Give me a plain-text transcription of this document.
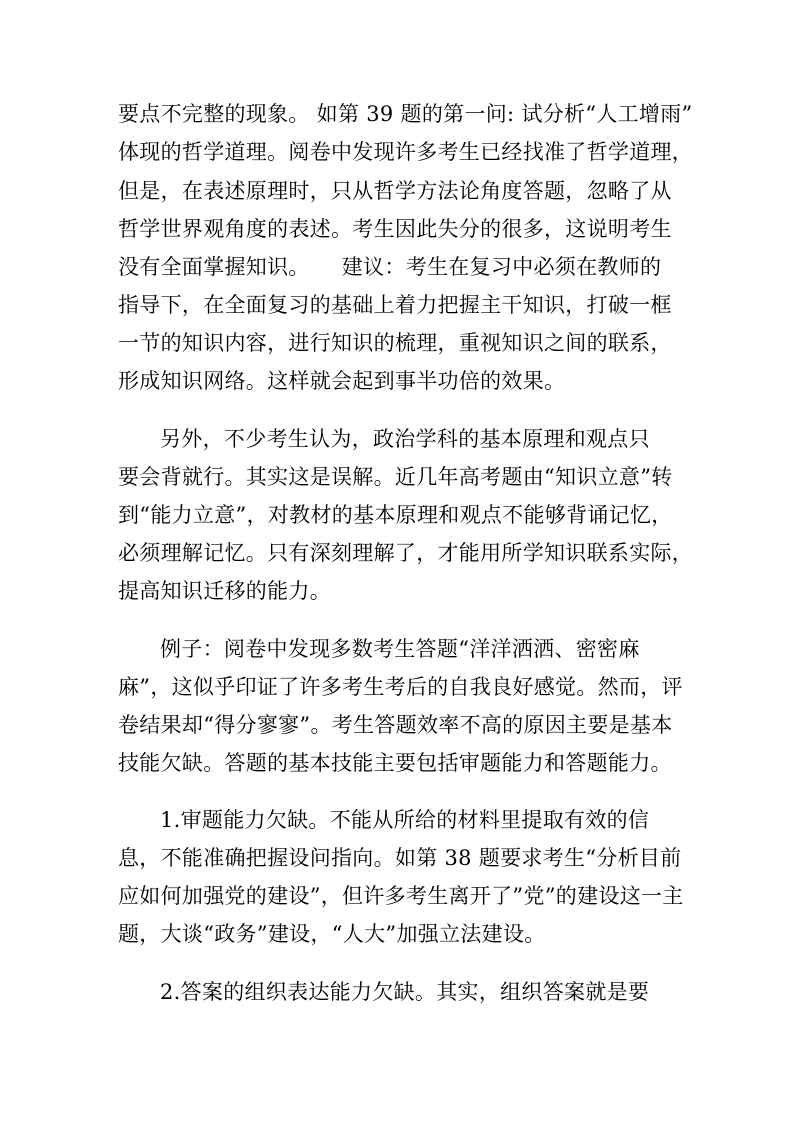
要点不完整的现象。 如第 39 题的第一问: 试分析“人工增雨”
体现的哲学道理。阅卷中发现许多考生已经找准了哲学道理，
但是，在表述原理时，只从哲学方法论角度答题，忽略了从
哲学世界观角度的表述。考生因此失分的很多，这说明考生
没有全面掌握知识。　　建议：考生在复习中必须在教师的
指导下，在全面复习的基础上着力把握主干知识，打破一框
一节的知识内容，进行知识的梳理，重视知识之间的联系，
形成知识网络。这样就会起到事半功倍的效果。
另外，不少考生认为，政治学科的基本原理和观点只
要会背就行。其实这是误解。近几年高考题由“知识立意”转
到“能力立意”，对教材的基本原理和观点不能够背诵记忆，
必须理解记忆。只有深刻理解了，才能用所学知识联系实际，
提高知识迁移的能力。
例子：阅卷中发现多数考生答题“洋洋洒洒、密密麻
麻”，这似乎印证了许多考生考后的自我良好感觉。然而，评
卷结果却“得分寥寥”。考生答题效率不高的原因主要是基本
技能欠缺。答题的基本技能主要包括审题能力和答题能力。
1.审题能力欠缺。不能从所给的材料里提取有效的信
息，不能准确把握设问指向。如第 38 题要求考生“分析目前
应如何加强党的建设”，但许多考生离开了”党”的建设这一主
题，大谈“政务”建设，“人大”加强立法建设。
2.答案的组织表达能力欠缺。其实，组织答案就是要
